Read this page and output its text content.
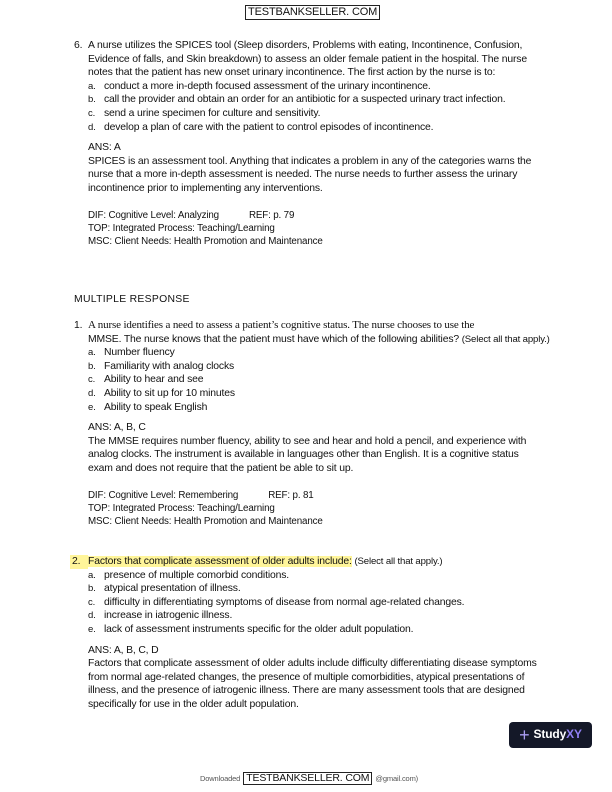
TESTBANKSELLER. COM
6. A nurse utilizes the SPICES tool (Sleep disorders, Problems with eating, Incontinence, Confusion, Evidence of falls, and Skin breakdown) to assess an older female patient in the hospital. The nurse notes that the patient has new onset urinary incontinence. The first action by the nurse is to:
a. conduct a more in-depth focused assessment of the urinary incontinence.
b. call the provider and obtain an order for an antibiotic for a suspected urinary tract infection.
c. send a urine specimen for culture and sensitivity.
d. develop a plan of care with the patient to control episodes of incontinence.
ANS: A
SPICES is an assessment tool. Anything that indicates a problem in any of the categories warns the nurse that a more in-depth assessment is needed. The nurse needs to further assess the urinary incontinence prior to implementing any interventions.
DIF: Cognitive Level: Analyzing	REF: p. 79
TOP: Integrated Process: Teaching/Learning
MSC: Client Needs: Health Promotion and Maintenance
MULTIPLE RESPONSE
1. A nurse identifies a need to assess a patient’s cognitive status. The nurse chooses to use the
MMSE. The nurse knows that the patient must have which of the following abilities? (Select all that apply.)
a. Number fluency
b. Familiarity with analog clocks
c. Ability to hear and see
d. Ability to sit up for 10 minutes
e. Ability to speak English
ANS: A, B, C
The MMSE requires number fluency, ability to see and hear and hold a pencil, and experience with analog clocks. The instrument is available in languages other than English. It is a cognitive status exam and does not require that the patient be able to sit up.
DIF: Cognitive Level: Remembering	REF: p. 81
TOP: Integrated Process: Teaching/Learning
MSC: Client Needs: Health Promotion and Maintenance
2. Factors that complicate assessment of older adults include: (Select all that apply.)
a. presence of multiple comorbid conditions.
b. atypical presentation of illness.
c. difficulty in differentiating symptoms of disease from normal age-related changes.
d. increase in iatrogenic illness.
e. lack of assessment instruments specific for the older adult population.
ANS: A, B, C, D
Factors that complicate assessment of older adults include difficulty differentiating disease symptoms from normal age-related changes, the presence of multiple comorbidities, atypical presentations of illness, and the presence of iatrogenic illness. There are many assessment tools that are designed specifically for use in the older adult population.
+ StudyXY
Downloaded TESTBANKSELLER. COM @gmail.com)
